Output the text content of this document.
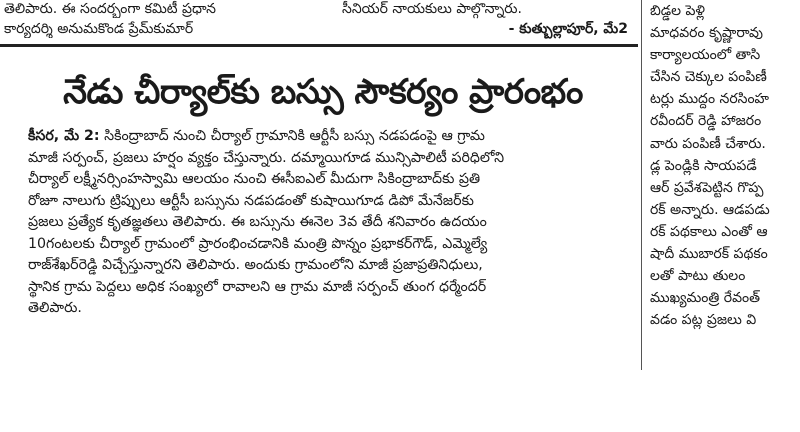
తెలిపారు. ఈ సందర్భంగా కమిటీ ప్రధాన
కార్యదర్శి అనుమకొండ ప్రేమ్‌కుమార్
సీనియర్ నాయకులు పాల్గొన్నారు.
- కుత్బుల్లాపూర్, మే2
నేడు చీర్యాల్‌కు బస్సు సౌకర్యం ప్రారంభం
కీసర, మే 2: సికింద్రాబాద్ నుంచి చీర్యాల్ గ్రామానికి ఆర్టీసీ బస్సు నడపడంపై ఆ గ్రామ
మాజీ సర్పంచ్, ప్రజలు హర్షం వ్యక్తం చేస్తున్నారు. దమ్మాయిగూడ మున్సిపాలిటీ పరిధిలోని
చీర్యాల్ లక్ష్మీనర్సింహస్వామి ఆలయం నుంచి ఈసీఐఎల్ మీదుగా సికింద్రాబాద్‌కు ప్రతి
రోజూ నాలుగు ట్రిప్పులు ఆర్టీసీ బస్సును నడపడంతో కుషాయిగూడ డిపో మేనేజర్‌కు
ప్రజలు ప్రత్యేక కృతజ్ఞతలు తెలిపారు. ఈ బస్సును ఈనెల 3వ తేదీ శనివారం ఉదయం
10గంటలకు చీర్యాల్ గ్రామంలో ప్రారంభించడానికి మంత్రి పొన్నం ప్రభాకర్‌గౌడ్, ఎమ్మెల్యే
రాజ్‌శేఖర్‌రెడ్డి విచ్చేస్తున్నారని తెలిపారు. అందుకు గ్రామంలోని మాజీ ప్రజాప్రతినిధులు,
స్థానిక గ్రామ పెద్దలు అధిక సంఖ్యలో రావాలని ఆ గ్రామ మాజీ సర్పంచ్ తుంగ ధర్మేందర్
తెలిపారు.
బిడ్డల పెళ్లి
మాధవరం కృష్ణారావు
కార్యాలయంలో తాసి
చేసిన చెక్కుల పంపిణీ
టర్లు ముద్దం నరసింహ
రవీందర్ రెడ్డి హాజరం
వారు పంపిణీ చేశారు.
డ్ల పెండ్లికి సాయపడే
ఆర్ ప్రవేశపెట్టిన గొప్ప
రక్ అన్నారు. ఆడపడు
రక్ పథకాలు ఎంతో ఆ
షాదీ ముబారక్ పథకం
లతో పాటు తులం
ముఖ్యమంత్రి రేవంత్
వడం పట్ల ప్రజలు వి
